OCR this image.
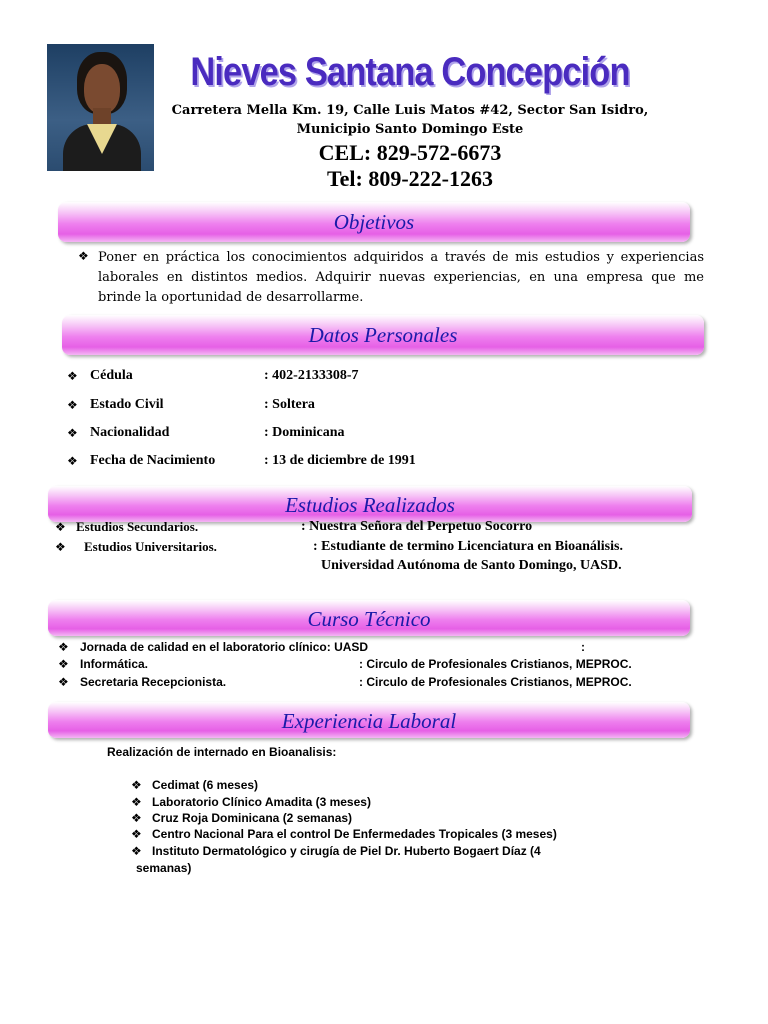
Nieves Santana Concepción
Carretera Mella Km. 19, Calle Luis Matos #42, Sector San Isidro,
Municipio Santo Domingo Este
CEL: 829-572-6673
Tel: 809-222-1263
Objetivos
❖ Poner en práctica los conocimientos adquiridos a través de mis estudios y experiencias laborales en distintos medios. Adquirir nuevas experiencias, en una empresa que me brinde la oportunidad de desarrollarme.
Datos Personales
❖ Cédula	: 402-2133308-7
❖ Estado Civil	: Soltera
❖ Nacionalidad	: Dominicana
❖ Fecha de Nacimiento	: 13 de diciembre de 1991
Estudios Realizados
❖ Estudios Secundarios.	: Nuestra Señora del Perpetuo Socorro
❖ Estudios Universitarios.	: Estudiante de termino Licenciatura en Bioanálisis.
Universidad Autónoma de Santo Domingo, UASD.
Curso Técnico
❖ Jornada de calidad en el laboratorio clínico: UASD	:
❖ Informática.	: Circulo de Profesionales Cristianos, MEPROC.
❖ Secretaria Recepcionista.	: Circulo de Profesionales Cristianos, MEPROC.
Experiencia Laboral
Realización de internado en Bioanalisis:
❖ Cedimat (6 meses)
❖ Laboratorio Clínico Amadita (3 meses)
❖ Cruz Roja Dominicana (2 semanas)
❖ Centro Nacional Para el control De Enfermedades Tropicales (3 meses)
❖ Instituto Dermatológico y cirugía de Piel Dr. Huberto Bogaert Díaz (4
semanas)
